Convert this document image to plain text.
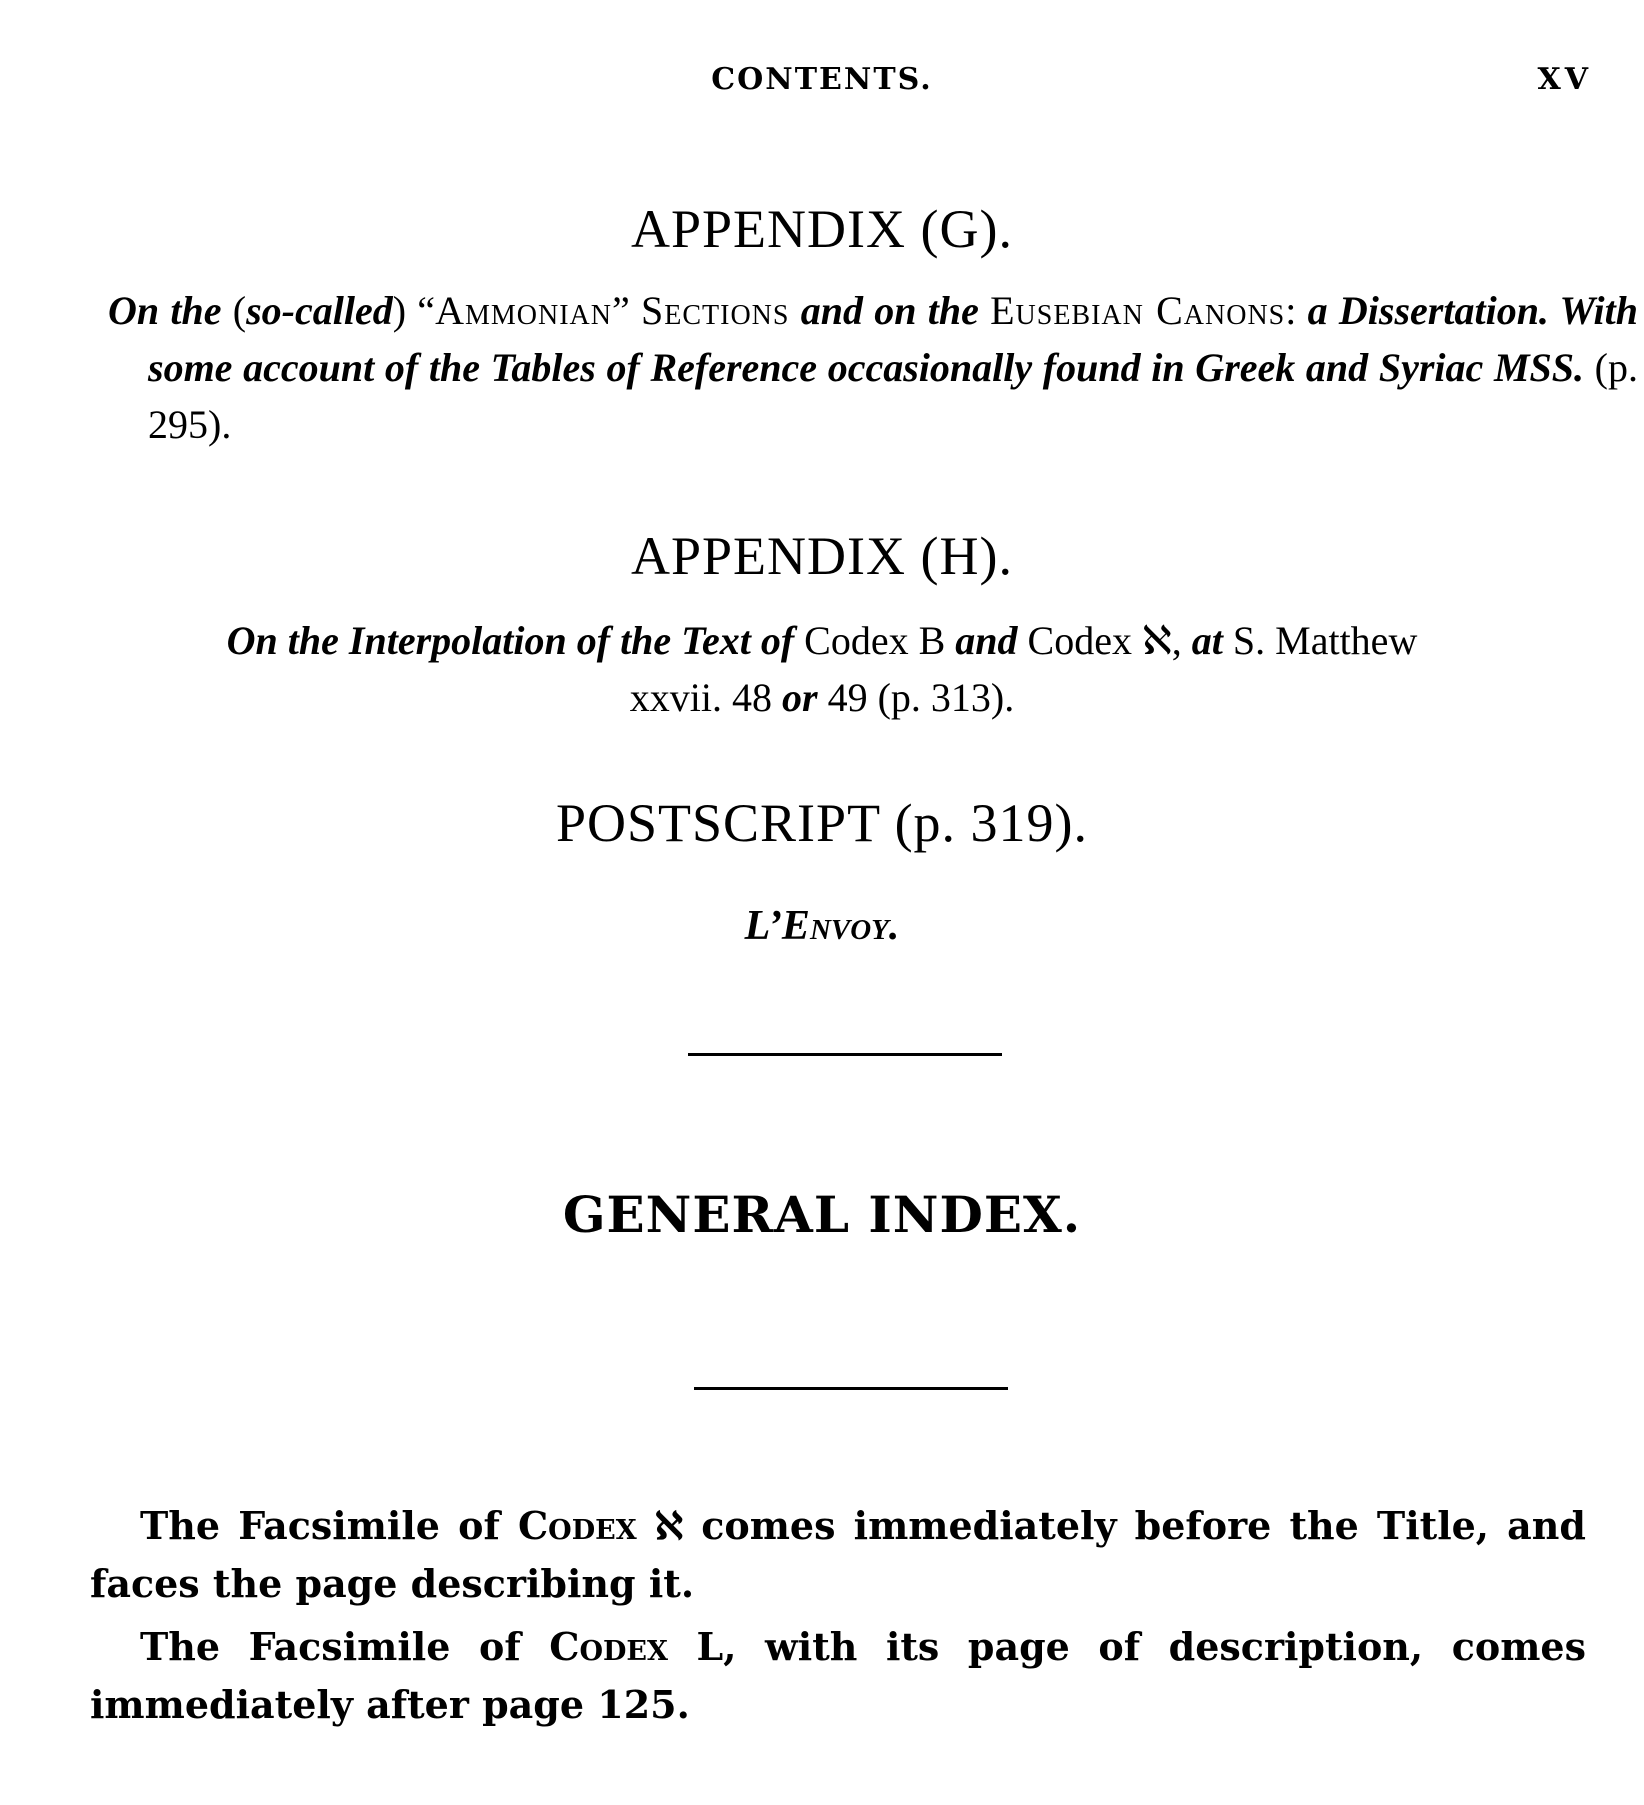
CONTENTS.	XV
APPENDIX (G).
On the (so-called) “Ammonian” Sections and on the Eusebian Canons: a Dissertation. With some account of the Tables of Reference occasionally found in Greek and Syriac MSS. (p. 295).
APPENDIX (H).
On the Interpolation of the Text of Codex B and Codex ℵ, at S. Matthew
xxvii. 48 or 49 (p. 313).
POSTSCRIPT (p. 319).
L’Envoy.
GENERAL INDEX.
The Facsimile of Codex ℵ comes immediately before the Title, and faces the page describing it.
The Facsimile of Codex L, with its page of description, comes immediately after page 125.
